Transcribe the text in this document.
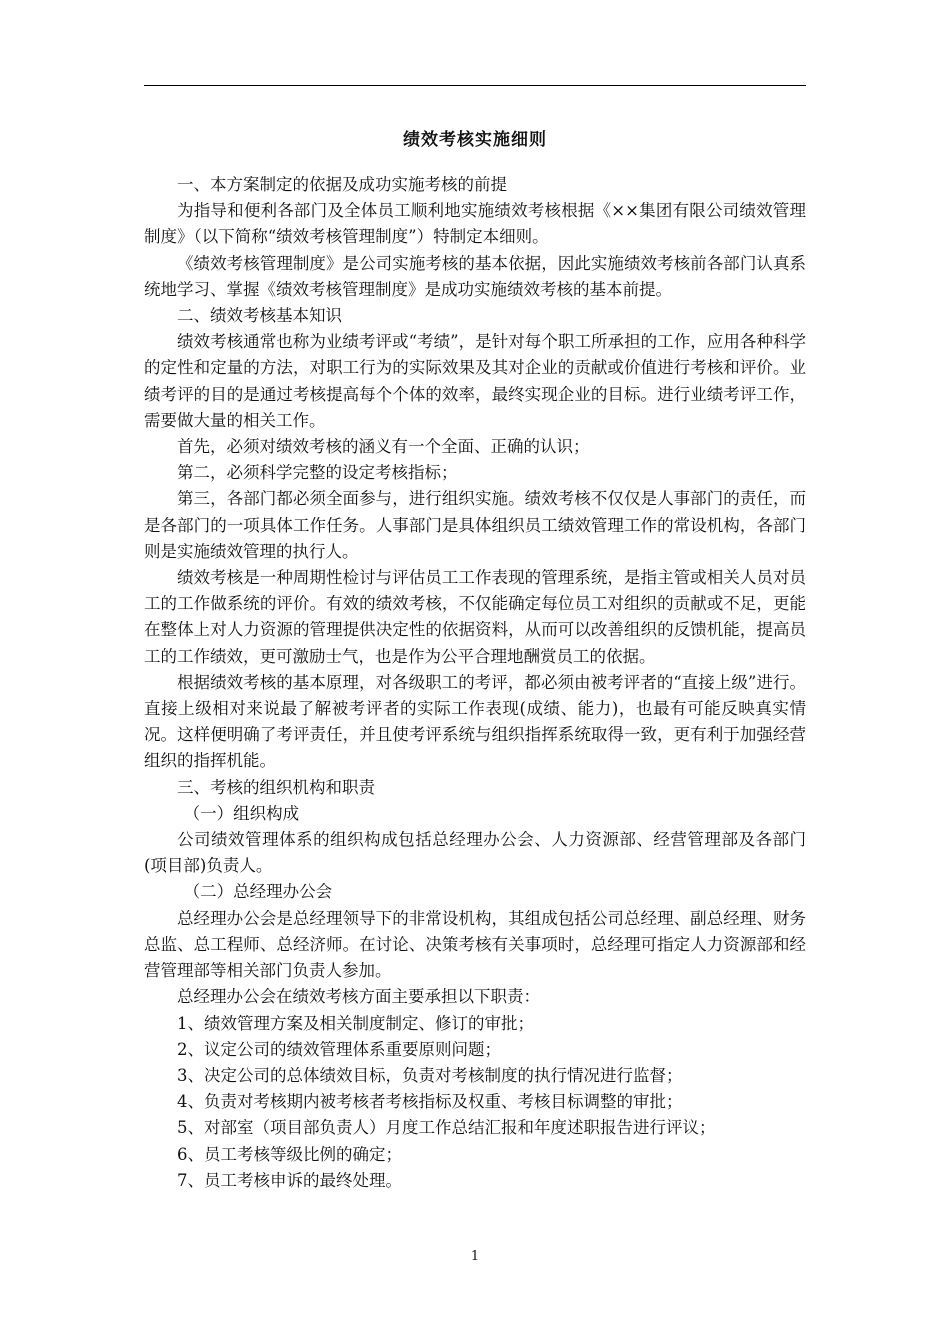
绩效考核实施细则

一、本方案制定的依据及成功实施考核的前提

为指导和便利各部门及全体员工顺利地实施绩效考核根据《××集团有限公司绩效管理制度》（以下简称“绩效考核管理制度”）特制定本细则。

《绩效考核管理制度》是公司实施考核的基本依据，因此实施绩效考核前各部门认真系统地学习、掌握《绩效考核管理制度》是成功实施绩效考核的基本前提。

二、绩效考核基本知识

绩效考核通常也称为业绩考评或“考绩”，是针对每个职工所承担的工作，应用各种科学的定性和定量的方法，对职工行为的实际效果及其对企业的贡献或价值进行考核和评价。业绩考评的目的是通过考核提高每个个体的效率，最终实现企业的目标。进行业绩考评工作，需要做大量的相关工作。

首先，必须对绩效考核的涵义有一个全面、正确的认识；

第二，必须科学完整的设定考核指标；

第三，各部门都必须全面参与，进行组织实施。绩效考核不仅仅是人事部门的责任，而是各部门的一项具体工作任务。人事部门是具体组织员工绩效管理工作的常设机构，各部门则是实施绩效管理的执行人。

绩效考核是一种周期性检讨与评估员工工作表现的管理系统，是指主管或相关人员对员工的工作做系统的评价。有效的绩效考核，不仅能确定每位员工对组织的贡献或不足，更能在整体上对人力资源的管理提供决定性的依据资料，从而可以改善组织的反馈机能，提高员工的工作绩效，更可激励士气，也是作为公平合理地酬赏员工的依据。

根据绩效考核的基本原理，对各级职工的考评，都必须由被考评者的“直接上级”进行。直接上级相对来说最了解被考评者的实际工作表现(成绩、能力)，也最有可能反映真实情况。这样便明确了考评责任，并且使考评系统与组织指挥系统取得一致，更有利于加强经营组织的指挥机能。

三、考核的组织机构和职责

（一）组织构成

公司绩效管理体系的组织构成包括总经理办公会、人力资源部、经营管理部及各部门(项目部)负责人。

（二）总经理办公会

总经理办公会是总经理领导下的非常设机构，其组成包括公司总经理、副总经理、财务总监、总工程师、总经济师。在讨论、决策考核有关事项时，总经理可指定人力资源部和经营管理部等相关部门负责人参加。

总经理办公会在绩效考核方面主要承担以下职责：

1、绩效管理方案及相关制度制定、修订的审批；

2、议定公司的绩效管理体系重要原则问题；

3、决定公司的总体绩效目标，负责对考核制度的执行情况进行监督；

4、负责对考核期内被考核者考核指标及权重、考核目标调整的审批；

5、对部室（项目部负责人）月度工作总结汇报和年度述职报告进行评议；

6、员工考核等级比例的确定；

7、员工考核申诉的最终处理。

1
